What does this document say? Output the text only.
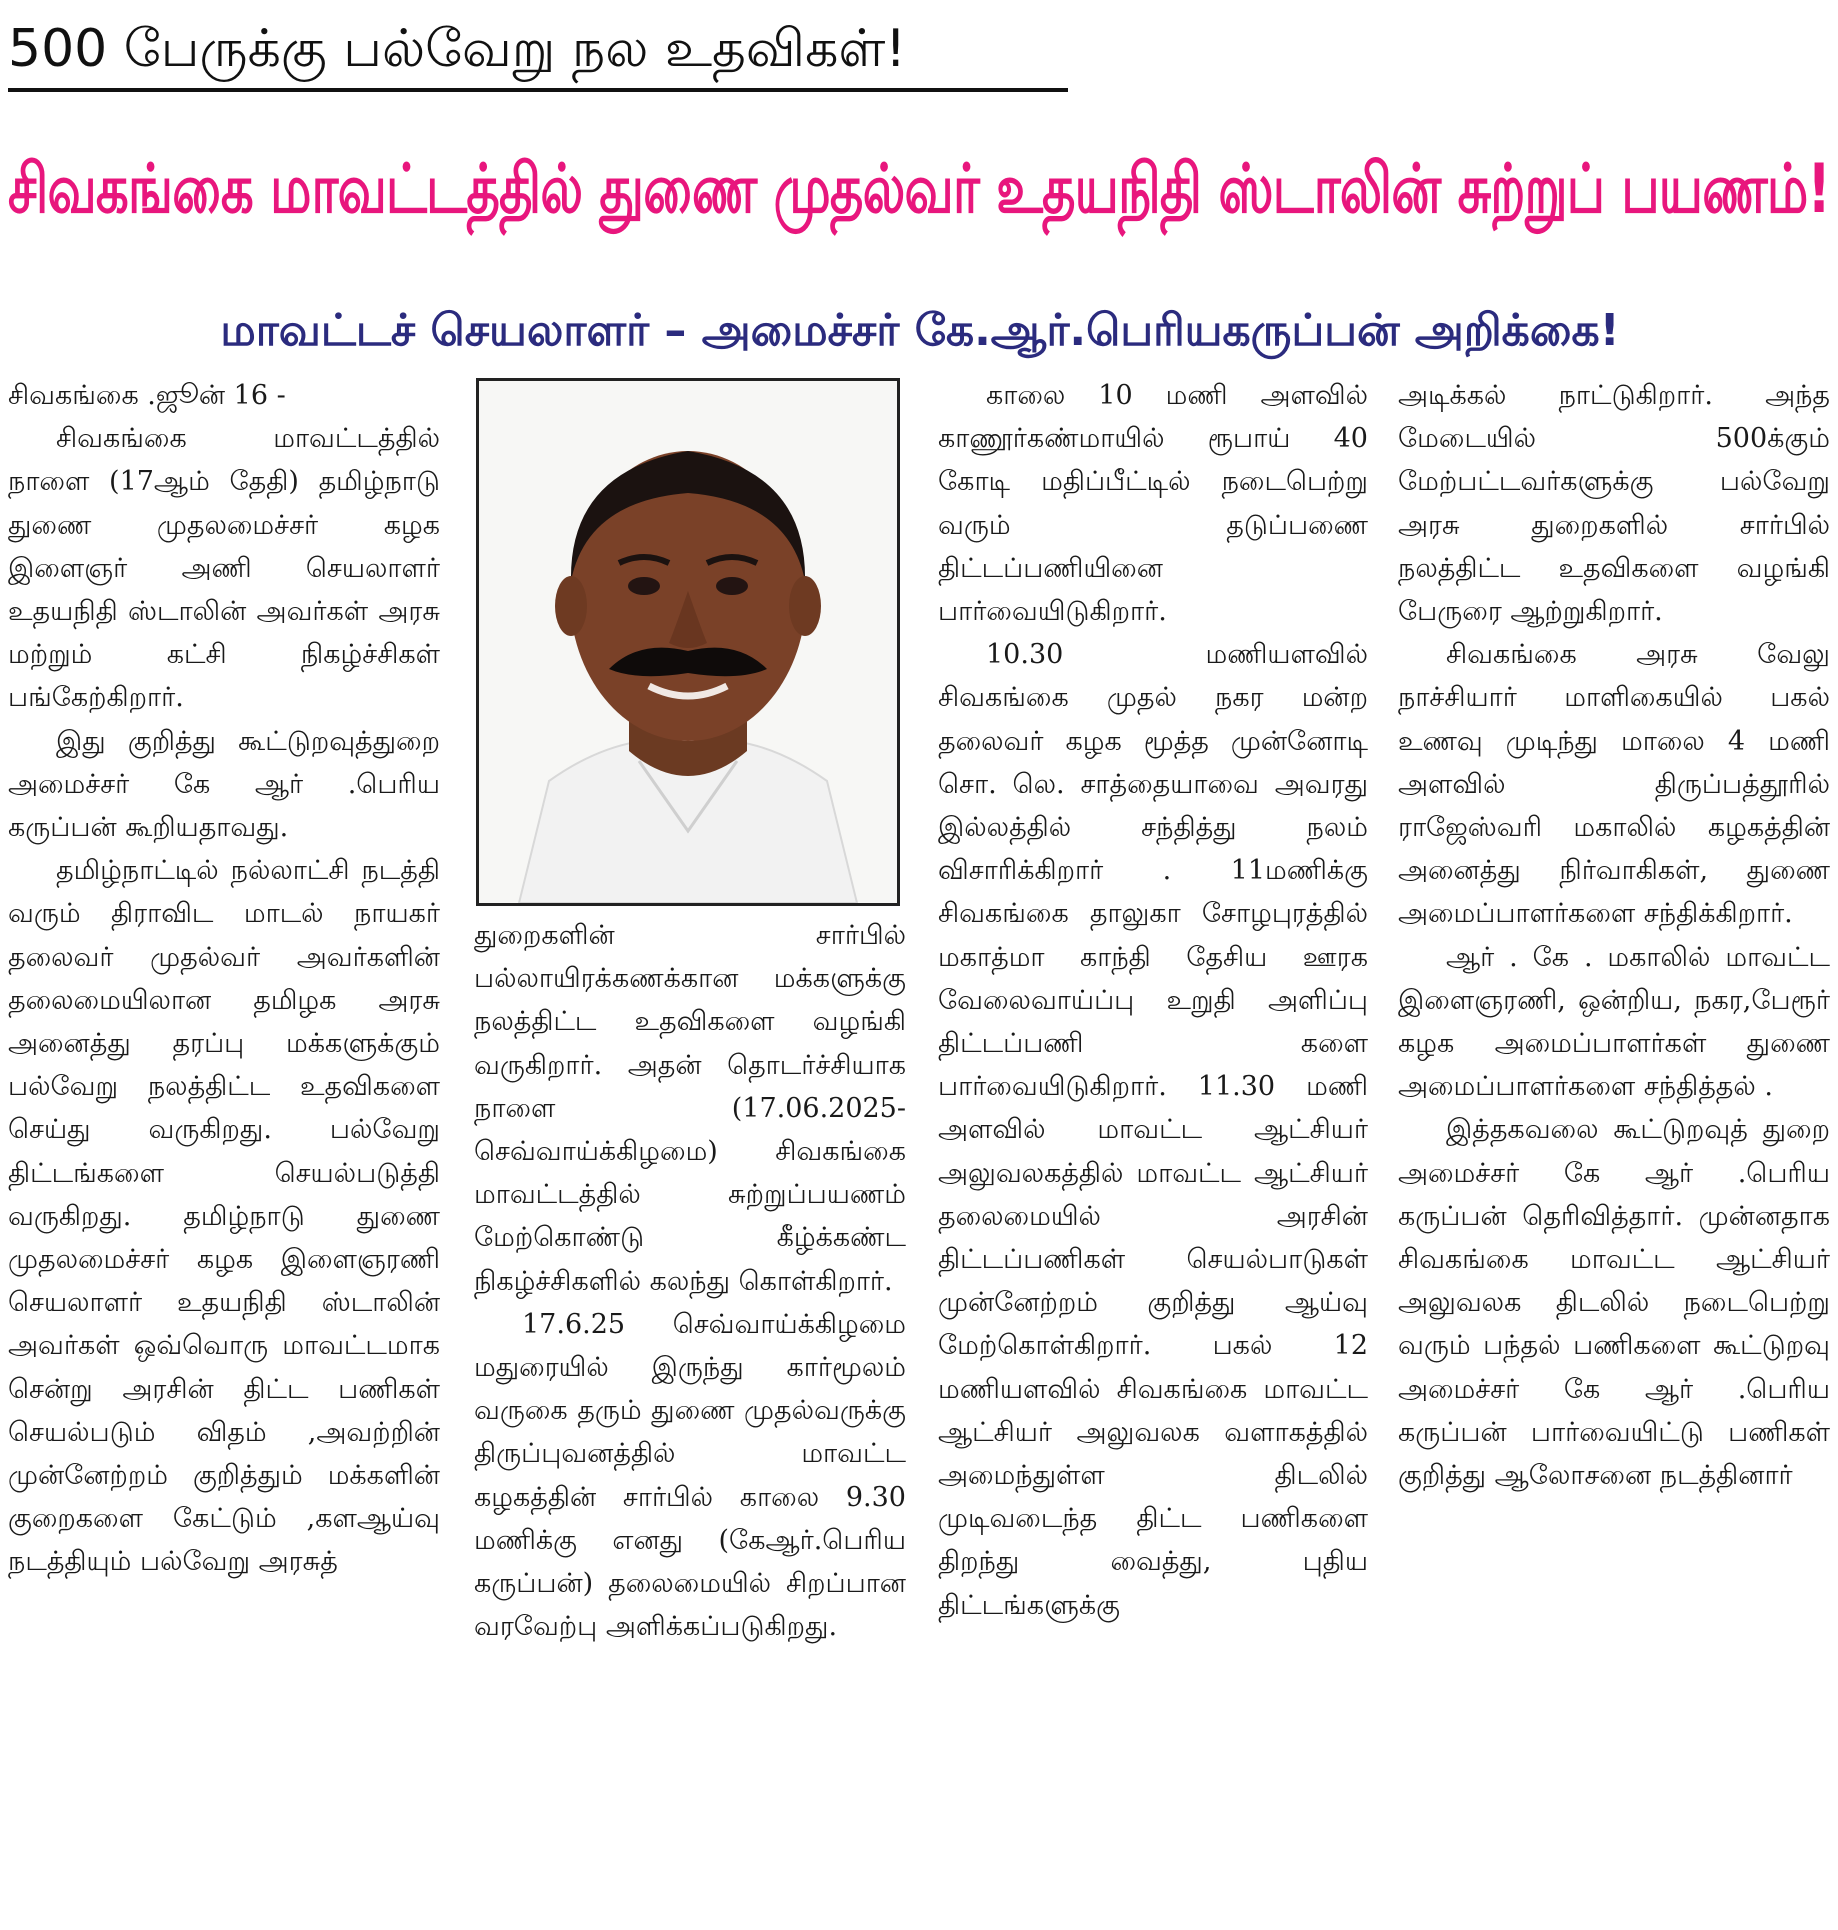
500 பேருக்கு பல்வேறு நல உதவிகள்!
சிவகங்கை மாவட்டத்தில் துணை முதல்வர் உதயநிதி ஸ்டாலின் சுற்றுப் பயணம்!
மாவட்டச் செயலாளர் – அமைச்சர் கே.ஆர்.பெரியகருப்பன் அறிக்கை!

சிவகங்கை .ஜூன் 16 -

சிவகங்கை மாவட்டத்தில் நாளை (17ஆம் தேதி) தமிழ்நாடு துணை முதலமைச்சர் கழக இளைஞர் அணி செயலாளர் உதயநிதி ஸ்டாலின் அவர்கள் அரசு மற்றும் கட்சி நிகழ்ச்சிகள் பங்கேற்கிறார்.

இது குறித்து கூட்டுறவுத்துறை அமைச்சர் கே ஆர் .பெரிய கருப்பன் கூறியதாவது.

தமிழ்நாட்டில் நல்லாட்சி நடத்தி வரும் திராவிட மாடல் நாயகர் தலைவர் முதல்வர் அவர்களின் தலைமையிலான தமிழக அரசு அனைத்து தரப்பு மக்களுக்கும் பல்வேறு நலத்திட்ட உதவிகளை செய்து வருகிறது. பல்வேறு திட்டங்களை செயல்படுத்தி வருகிறது. தமிழ்நாடு துணை முதலமைச்சர் கழக இளைஞரணி செயலாளர் உதயநிதி ஸ்டாலின் அவர்கள் ஒவ்வொரு மாவட்டமாக சென்று அரசின் திட்ட பணிகள் செயல்படும் விதம் ,அவற்றின் முன்னேற்றம் குறித்தும் மக்களின் குறைகளை கேட்டும் ,களஆய்வு நடத்தியும் பல்வேறு அரசுத்

துறைகளின் சார்பில் பல்லாயிரக்கணக்கான மக்களுக்கு நலத்திட்ட உதவிகளை வழங்கி வருகிறார். அதன் தொடர்ச்சியாக நாளை (17.06.2025- செவ்வாய்க்கிழமை) சிவகங்கை மாவட்டத்தில் சுற்றுப்பயணம் மேற்கொண்டு கீழ்க்கண்ட நிகழ்ச்சிகளில் கலந்து கொள்கிறார்.

17.6.25 செவ்வாய்க்கிழமை மதுரையில் இருந்து கார்மூலம் வருகை தரும் துணை முதல்வருக்கு திருப்புவனத்தில் மாவட்ட கழகத்தின் சார்பில் காலை 9.30 மணிக்கு எனது (கேஆர்.பெரிய கருப்பன்) தலைமையில் சிறப்பான வரவேற்பு அளிக்கப்படுகிறது.

காலை 10 மணி அளவில் காணூர்கண்மாயில் ரூபாய் 40 கோடி மதிப்பீட்டில் நடைபெற்று வரும் தடுப்பணை திட்டப்பணியினை பார்வையிடுகிறார்.

10.30 மணியளவில் சிவகங்கை முதல் நகர மன்ற தலைவர் கழக மூத்த முன்னோடி சொ. லெ. சாத்தையாவை அவரது இல்லத்தில் சந்தித்து நலம் விசாரிக்கிறார் . 11மணிக்கு சிவகங்கை தாலுகா சோழபுரத்தில் மகாத்மா காந்தி தேசிய ஊரக வேலைவாய்ப்பு உறுதி அளிப்பு திட்டப்பணி களை பார்வையிடுகிறார். 11.30 மணி அளவில் மாவட்ட ஆட்சியர் அலுவலகத்தில் மாவட்ட ஆட்சியர் தலைமையில் அரசின் திட்டப்பணிகள் செயல்பாடுகள் முன்னேற்றம் குறித்து ஆய்வு மேற்கொள்கிறார். பகல் 12 மணியளவில் சிவகங்கை மாவட்ட ஆட்சியர் அலுவலக வளாகத்தில் அமைந்துள்ள திடலில் முடிவடைந்த திட்ட பணிகளை திறந்து வைத்து, புதிய திட்டங்களுக்கு

அடிக்கல் நாட்டுகிறார். அந்த மேடையில் 500க்கும் மேற்பட்டவர்களுக்கு பல்வேறு அரசு துறைகளில் சார்பில் நலத்திட்ட உதவிகளை வழங்கி பேருரை ஆற்றுகிறார்.

சிவகங்கை அரசு வேலு நாச்சியார் மாளிகையில் பகல் உணவு முடிந்து மாலை 4 மணி அளவில் திருப்பத்தூரில் ராஜேஸ்வரி மகாலில் கழகத்தின் அனைத்து நிர்வாகிகள், துணை அமைப்பாளர்களை சந்திக்கிறார்.

ஆர் . கே . மகாலில் மாவட்ட இளைஞரணி, ஒன்றிய, நகர,பேரூர் கழக அமைப்பாளர்கள் துணை அமைப்பாளர்களை சந்தித்தல் .

இத்தகவலை கூட்டுறவுத் துறை அமைச்சர் கே ஆர் .பெரிய கருப்பன் தெரிவித்தார். முன்னதாக சிவகங்கை மாவட்ட ஆட்சியர் அலுவலக திடலில் நடைபெற்று வரும் பந்தல் பணிகளை கூட்டுறவு அமைச்சர் கே ஆர் .பெரிய கருப்பன் பார்வையிட்டு பணிகள் குறித்து ஆலோசனை நடத்தினார்
